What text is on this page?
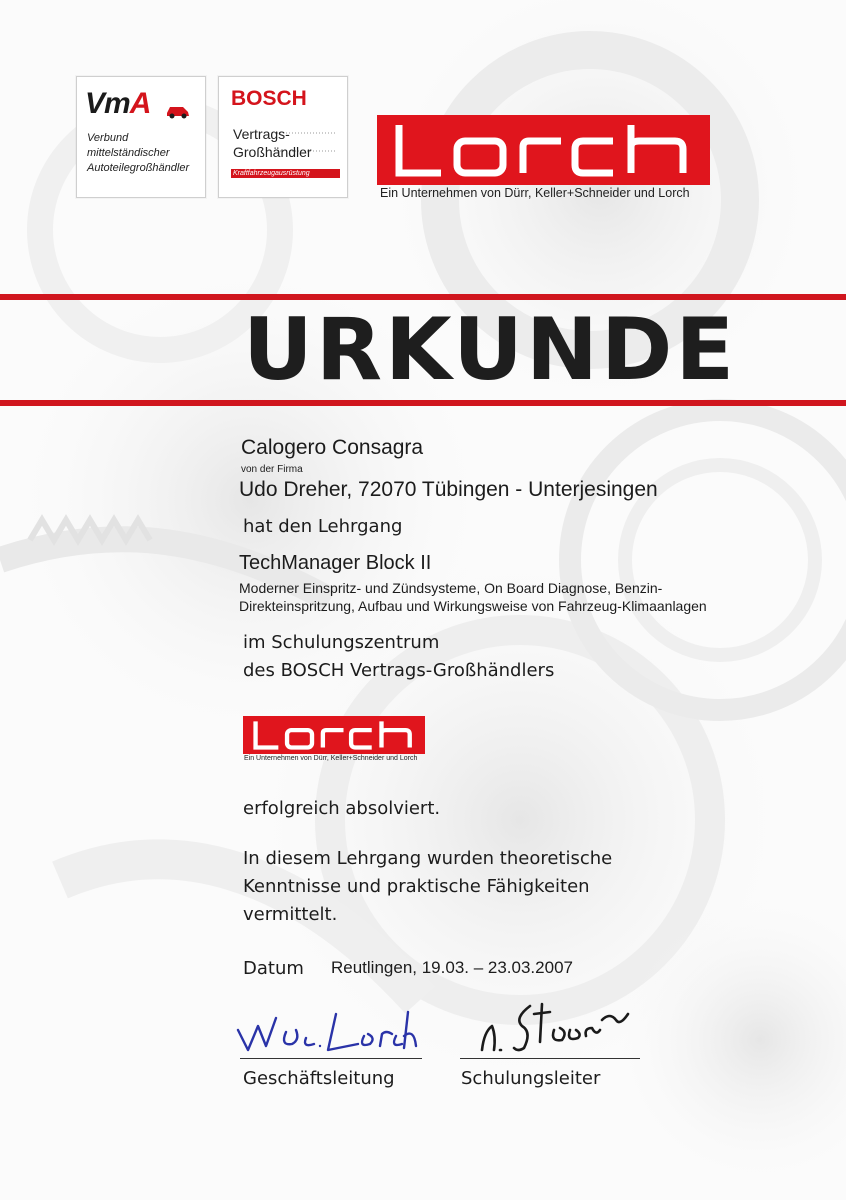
VmA
Verbund
mittelständischer
Autoteilegroßhändler
BOSCH
Vertrags-
Großhändler
Kraftfahrzeugausrüstung
Ein Unternehmen von Dürr, Keller+Schneider und Lorch
URKUNDE
Calogero Consagra
von der Firma
Udo Dreher, 72070 Tübingen - Unterjesingen
hat den Lehrgang
TechManager Block II
Moderner Einspritz- und Zündsysteme, On Board Diagnose, Benzin-
Direkteinspritzung, Aufbau und Wirkungsweise von Fahrzeug-Klimaanlagen
im Schulungszentrum
des BOSCH Vertrags-Großhändlers
Ein Unternehmen von Dürr, Keller+Schneider und Lorch
erfolgreich absolviert.
In diesem Lehrgang wurden theoretische
Kenntnisse und praktische Fähigkeiten
vermittelt.
Datum Reutlingen, 19.03. – 23.03.2007
Geschäftsleitung	Schulungsleiter
